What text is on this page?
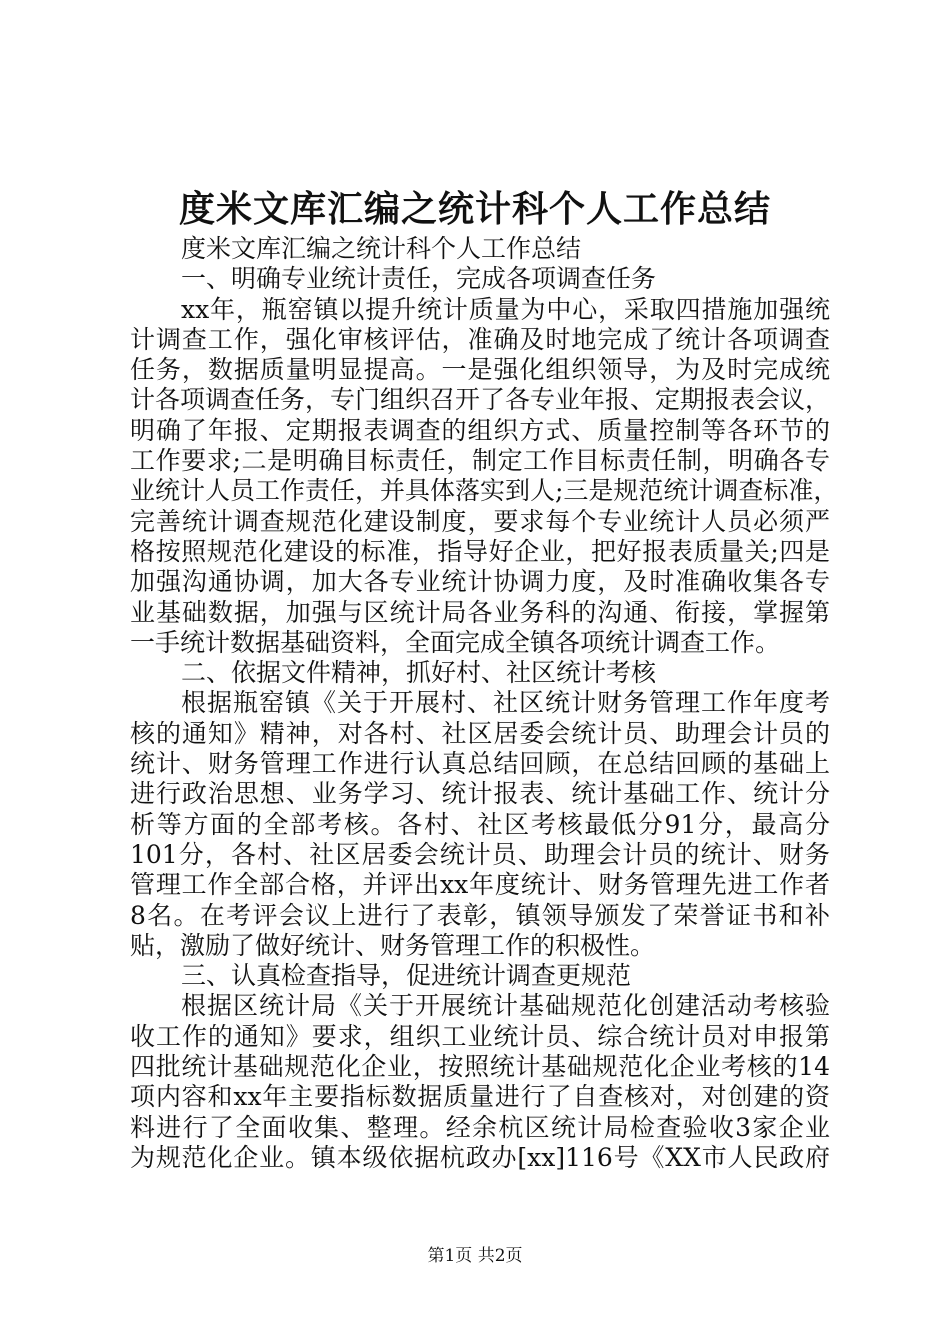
度米文库汇编之统计科个人工作总结
度米文库汇编之统计科个人工作总结
一、明确专业统计责任，完成各项调查任务
xx年，瓶窑镇以提升统计质量为中心，采取四措施加强统
计调查工作，强化审核评估，准确及时地完成了统计各项调查
任务，数据质量明显提高。一是强化组织领导，为及时完成统
计各项调查任务，专门组织召开了各专业年报、定期报表会议，
明确了年报、定期报表调查的组织方式、质量控制等各环节的
工作要求;二是明确目标责任，制定工作目标责任制，明确各专
业统计人员工作责任，并具体落实到人;三是规范统计调查标准，
完善统计调查规范化建设制度，要求每个专业统计人员必须严
格按照规范化建设的标准，指导好企业，把好报表质量关;四是
加强沟通协调，加大各专业统计协调力度，及时准确收集各专
业基础数据，加强与区统计局各业务科的沟通、衔接，掌握第
一手统计数据基础资料，全面完成全镇各项统计调查工作。
二、依据文件精神，抓好村、社区统计考核
根据瓶窑镇《关于开展村、社区统计财务管理工作年度考
核的通知》精神，对各村、社区居委会统计员、助理会计员的
统计、财务管理工作进行认真总结回顾，在总结回顾的基础上
进行政治思想、业务学习、统计报表、统计基础工作、统计分
析等方面的全部考核。各村、社区考核最低分91分，最高分
101分，各村、社区居委会统计员、助理会计员的统计、财务
管理工作全部合格，并评出xx年度统计、财务管理先进工作者
8名。在考评会议上进行了表彰，镇领导颁发了荣誉证书和补
贴，激励了做好统计、财务管理工作的积极性。
三、认真检查指导，促进统计调查更规范
根据区统计局《关于开展统计基础规范化创建活动考核验
收工作的通知》要求，组织工业统计员、综合统计员对申报第
四批统计基础规范化企业，按照统计基础规范化企业考核的14
项内容和xx年主要指标数据质量进行了自查核对，对创建的资
料进行了全面收集、整理。经余杭区统计局检查验收3家企业
为规范化企业。镇本级依据杭政办[xx]116号《XX市人民政府
第1页 共2页
